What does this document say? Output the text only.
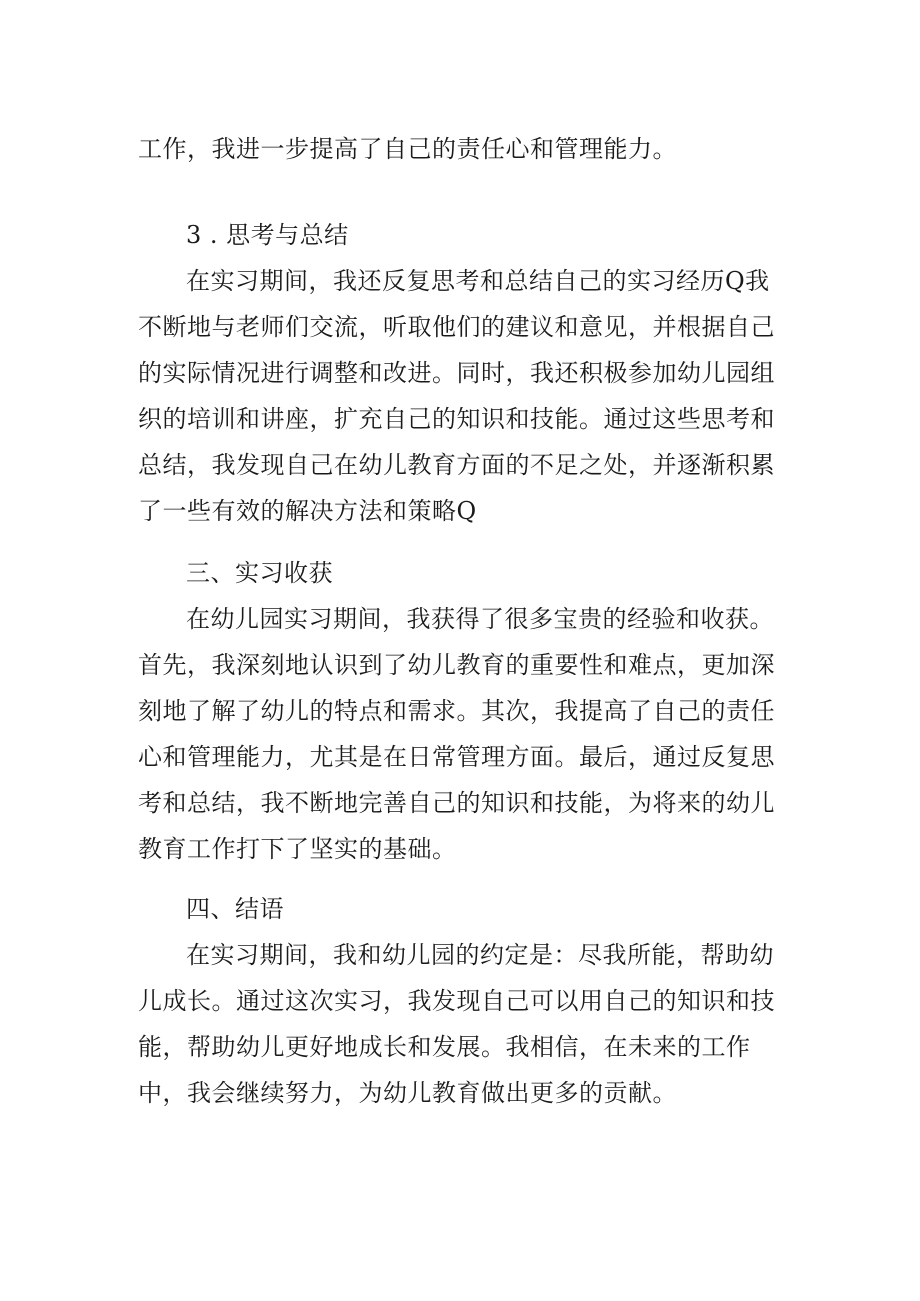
工作，我进一步提高了自己的责任心和管理能力。
3 . 思考与总结
在实习期间，我还反复思考和总结自己的实习经历Q我
不断地与老师们交流，听取他们的建议和意见，并根据自己
的实际情况进行调整和改进。同时，我还积极参加幼儿园组
织的培训和讲座，扩充自己的知识和技能。通过这些思考和
总结，我发现自己在幼儿教育方面的不足之处，并逐渐积累
了一些有效的解决方法和策略Q
三、实习收获
在幼儿园实习期间，我获得了很多宝贵的经验和收获。
首先，我深刻地认识到了幼儿教育的重要性和难点，更加深
刻地了解了幼儿的特点和需求。其次，我提高了自己的责任
心和管理能力，尤其是在日常管理方面。最后，通过反复思
考和总结，我不断地完善自己的知识和技能，为将来的幼儿
教育工作打下了坚实的基础。
四、结语
在实习期间，我和幼儿园的约定是：尽我所能，帮助幼
儿成长。通过这次实习，我发现自己可以用自己的知识和技
能，帮助幼儿更好地成长和发展。我相信，在未来的工作
中，我会继续努力，为幼儿教育做出更多的贡献。
